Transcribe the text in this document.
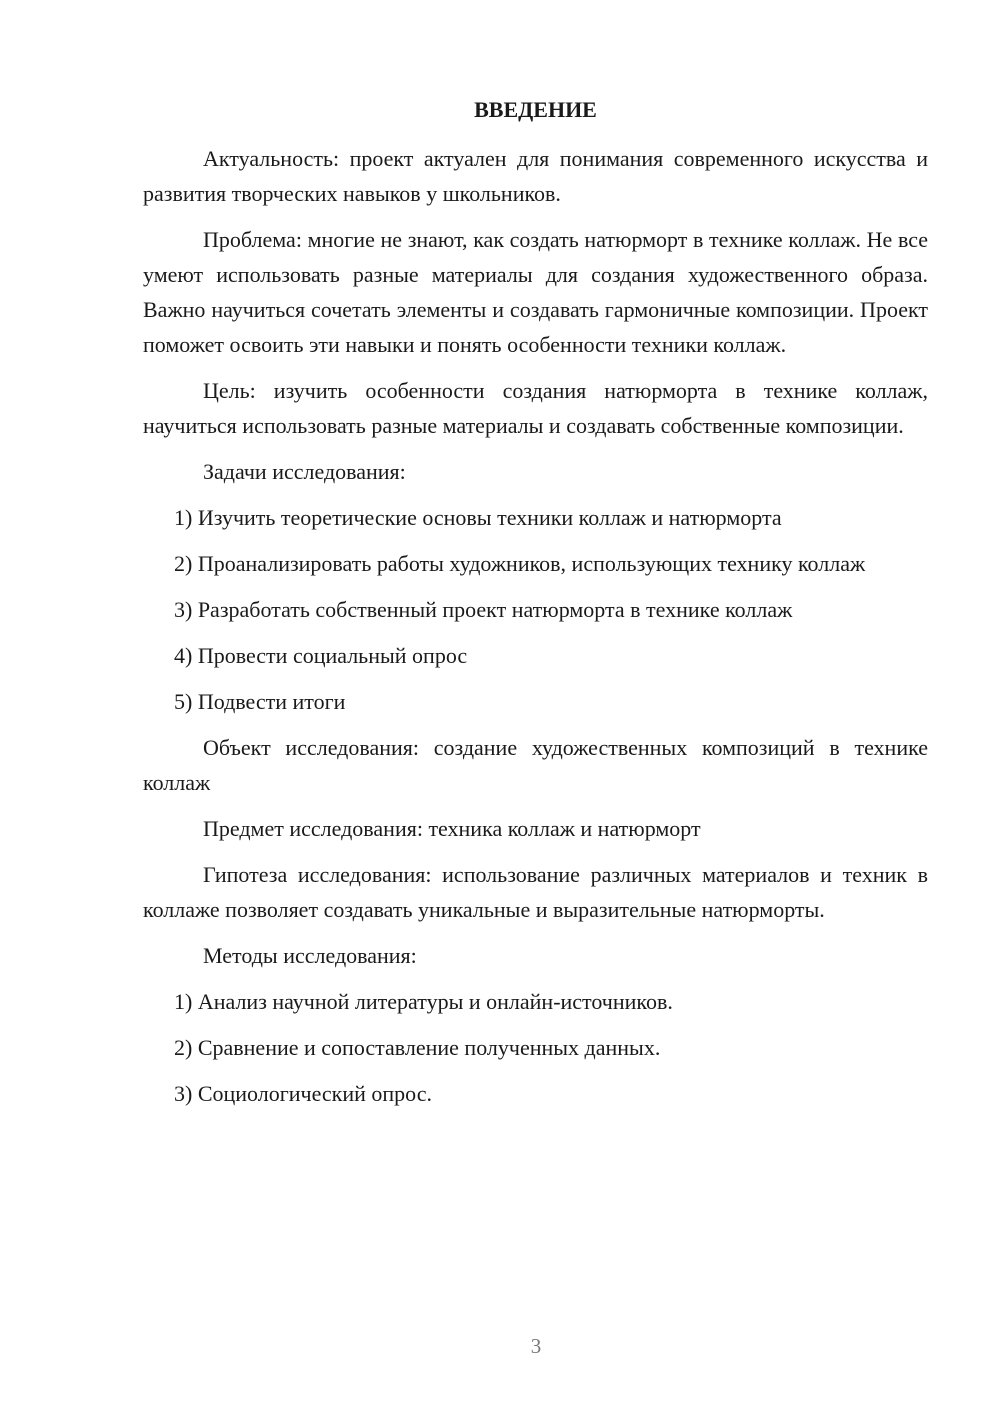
ВВЕДЕНИЕ

Актуальность: проект актуален для понимания современного искусства и развития творческих навыков у школьников.

Проблема: многие не знают, как создать натюрморт в технике коллаж. Не все умеют использовать разные материалы для создания художественного образа. Важно научиться сочетать элементы и создавать гармоничные композиции. Проект поможет освоить эти навыки и понять особенности техники коллаж.

Цель: изучить особенности создания натюрморта в технике коллаж, научиться использовать разные материалы и создавать собственные композиции.

Задачи исследования:

1) Изучить теоретические основы техники коллаж и натюрморта

2) Проанализировать работы художников, использующих технику коллаж

3) Разработать собственный проект натюрморта в технике коллаж

4) Провести социальный опрос

5) Подвести итоги

Объект исследования: создание художественных композиций в технике коллаж

Предмет исследования: техника коллаж и натюрморт

Гипотеза исследования: использование различных материалов и техник в коллаже позволяет создавать уникальные и выразительные натюрморты.

Методы исследования:

1) Анализ научной литературы и онлайн-источников.

2) Сравнение и сопоставление полученных данных.

3) Социологический опрос.

3
